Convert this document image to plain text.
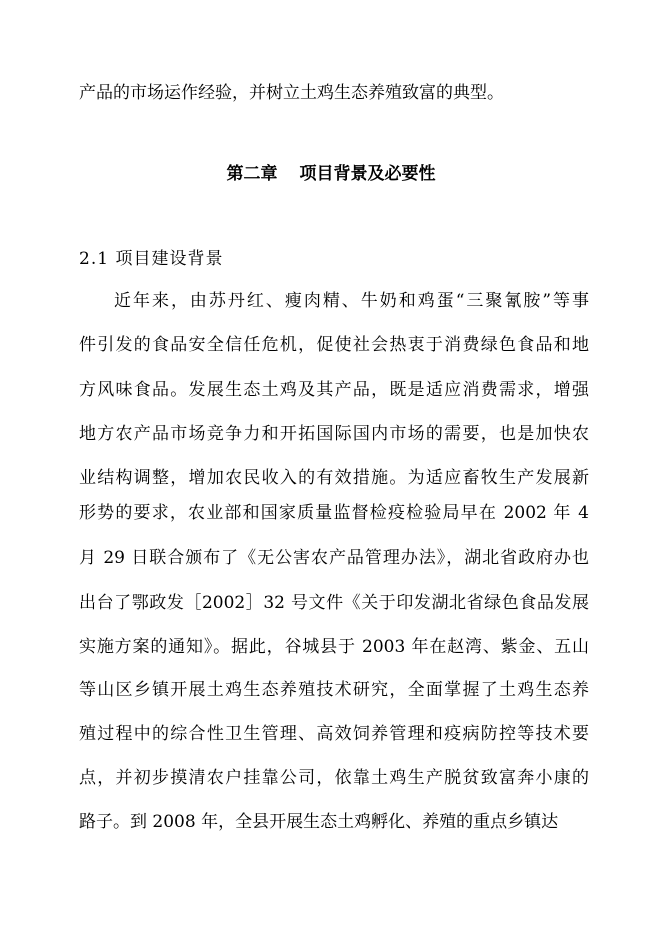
产品的市场运作经验，并树立土鸡生态养殖致富的典型。
第二章 项目背景及必要性
2.1 项目建设背景
近年来，由苏丹红、瘦肉精、牛奶和鸡蛋“三聚氰胺”等事
件引发的食品安全信任危机，促使社会热衷于消费绿色食品和地
方风味食品。发展生态土鸡及其产品，既是适应消费需求，增强
地方农产品市场竞争力和开拓国际国内市场的需要，也是加快农
业结构调整，增加农民收入的有效措施。为适应畜牧生产发展新
形势的要求，农业部和国家质量监督检疫检验局早在 2002 年 4
月 29 日联合颁布了《无公害农产品管理办法》，湖北省政府办也
出台了鄂政发［2002］32 号文件《关于印发湖北省绿色食品发展
实施方案的通知》。据此，谷城县于 2003 年在赵湾、紫金、五山
等山区乡镇开展土鸡生态养殖技术研究，全面掌握了土鸡生态养
殖过程中的综合性卫生管理、高效饲养管理和疫病防控等技术要
点，并初步摸清农户挂靠公司，依靠土鸡生产脱贫致富奔小康的
路子。到 2008 年，全县开展生态土鸡孵化、养殖的重点乡镇达
